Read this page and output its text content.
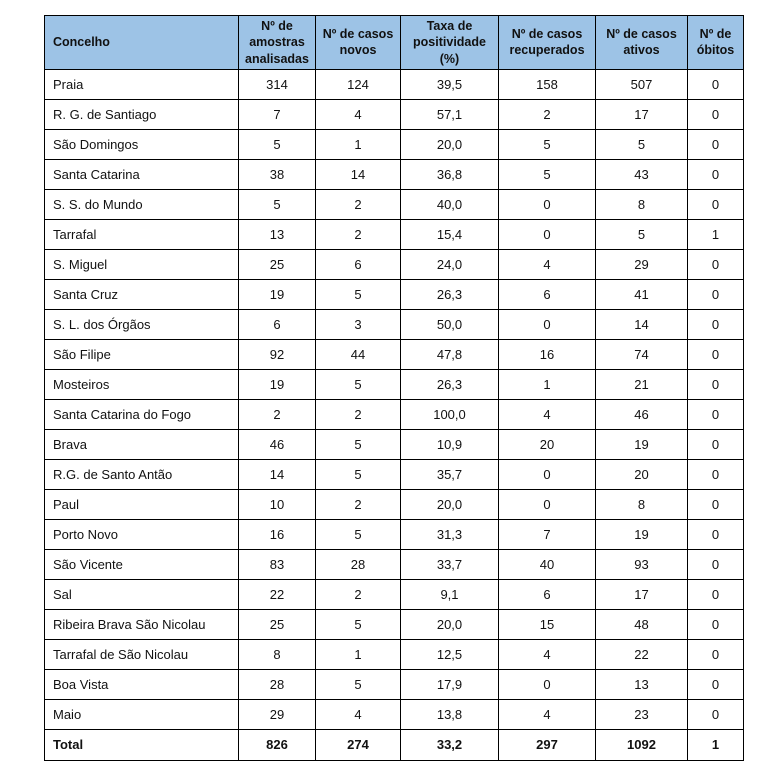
Concelho	Nº de amostras analisadas	Nº de casos novos	Taxa de positividade (%)	Nº de casos recuperados	Nº de casos ativos	Nº de óbitos
Praia	314	124	39,5	158	507	0
R. G. de Santiago	7	4	57,1	2	17	0
São Domingos	5	1	20,0	5	5	0
Santa Catarina	38	14	36,8	5	43	0
S. S. do Mundo	5	2	40,0	0	8	0
Tarrafal	13	2	15,4	0	5	1
S. Miguel	25	6	24,0	4	29	0
Santa Cruz	19	5	26,3	6	41	0
S. L. dos Órgãos	6	3	50,0	0	14	0
São Filipe	92	44	47,8	16	74	0
Mosteiros	19	5	26,3	1	21	0
Santa Catarina do Fogo	2	2	100,0	4	46	0
Brava	46	5	10,9	20	19	0
R.G. de Santo Antão	14	5	35,7	0	20	0
Paul	10	2	20,0	0	8	0
Porto Novo	16	5	31,3	7	19	0
São Vicente	83	28	33,7	40	93	0
Sal	22	2	9,1	6	17	0
Ribeira Brava São Nicolau	25	5	20,0	15	48	0
Tarrafal de São Nicolau	8	1	12,5	4	22	0
Boa Vista	28	5	17,9	0	13	0
Maio	29	4	13,8	4	23	0
Total	826	274	33,2	297	1092	1
